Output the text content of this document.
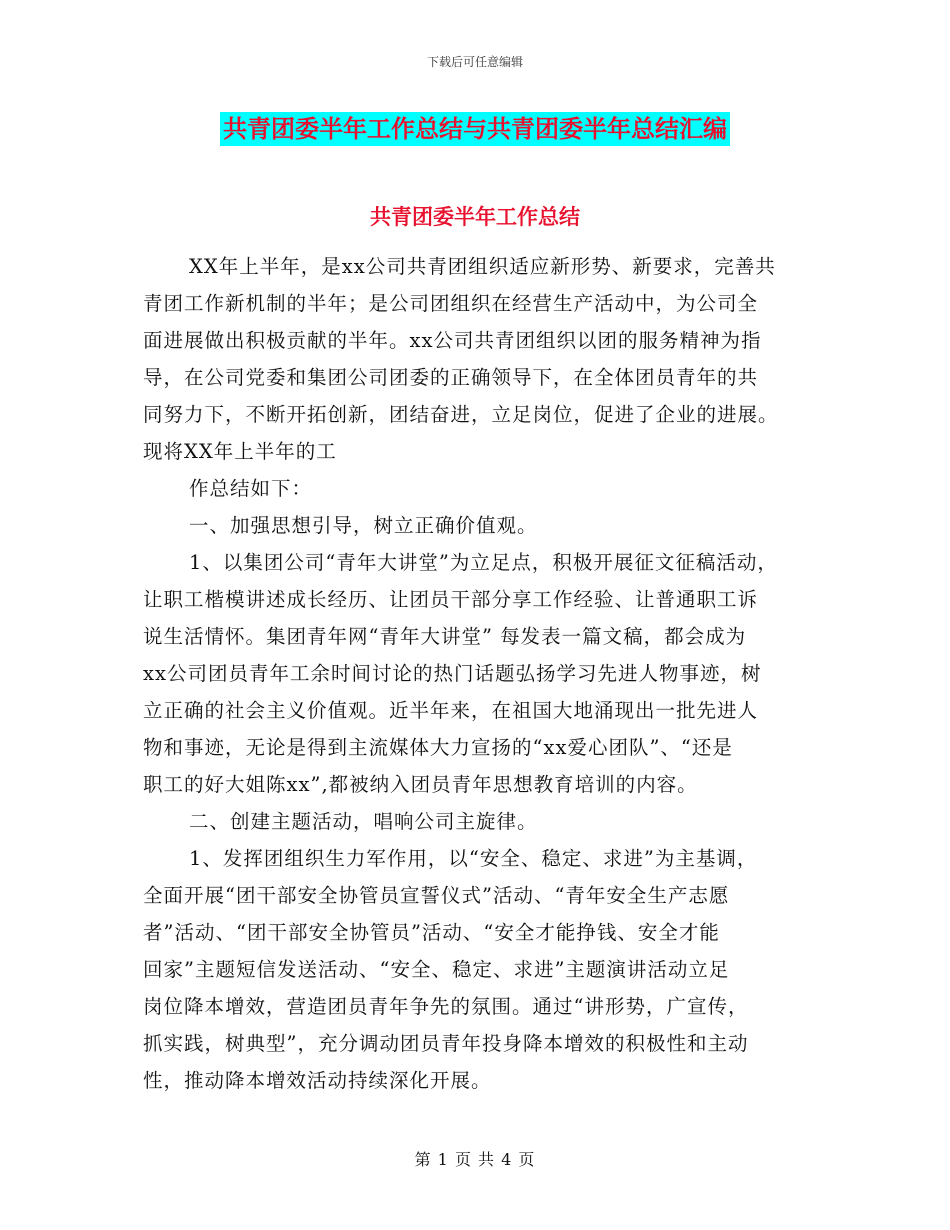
下载后可任意编辑
共青团委半年工作总结与共青团委半年总结汇编
共青团委半年工作总结
XX年上半年，是xx公司共青团组织适应新形势、新要求，完善共
青团工作新机制的半年；是公司团组织在经营生产活动中，为公司全
面进展做出积极贡献的半年。xx公司共青团组织以团的服务精神为指
导，在公司党委和集团公司团委的正确领导下，在全体团员青年的共
同努力下，不断开拓创新，团结奋进，立足岗位，促进了企业的进展。
现将XX年上半年的工
作总结如下：
一、加强思想引导，树立正确价值观。
1、以集团公司“青年大讲堂”为立足点，积极开展征文征稿活动，
让职工楷模讲述成长经历、让团员干部分享工作经验、让普通职工诉
说生活情怀。集团青年网“青年大讲堂” 每发表一篇文稿，都会成为
xx公司团员青年工余时间讨论的热门话题弘扬学习先进人物事迹，树
立正确的社会主义价值观。近半年来，在祖国大地涌现出一批先进人
物和事迹，无论是得到主流媒体大力宣扬的“xx爱心团队”、“还是
职工的好大姐陈xx”,都被纳入团员青年思想教育培训的内容。
二、创建主题活动，唱响公司主旋律。
1、发挥团组织生力军作用，以“安全、稳定、求进”为主基调，
全面开展“团干部安全协管员宣誓仪式”活动、“青年安全生产志愿
者”活动、“团干部安全协管员”活动、“安全才能挣钱、安全才能
回家”主题短信发送活动、“安全、稳定、求进”主题演讲活动立足
岗位降本增效，营造团员青年争先的氛围。通过“讲形势，广宣传，
抓实践，树典型”，充分调动团员青年投身降本增效的积极性和主动
性，推动降本增效活动持续深化开展。
第 1 页 共 4 页
